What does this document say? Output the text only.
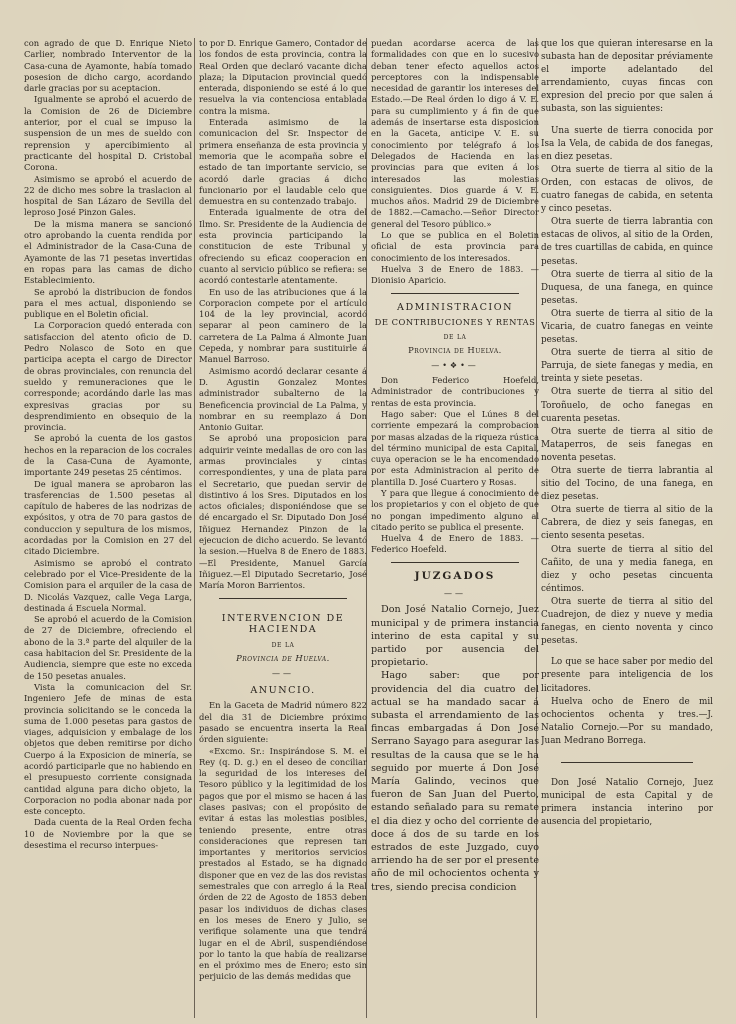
con agrado de que D. Enrique Nieto Carlier, nombrado Interventor de la Casa-cuna de Ayamonte, había tomado posesion de dicho cargo, acordando darle gracias por su aceptacion.

Igualmente se aprobó el acuerdo de la Comision de 26 de Diciembre anterior, por el cual se impuso la suspension de un mes de sueldo con reprension y apercibimiento al practicante del hospital D. Cristobal Corona.

Asimismo se aprobó el acuerdo de 22 de dicho mes sobre la traslacion al hospital de San Lázaro de Sevilla del leproso José Pinzon Gales.

De la misma manera se sancionó otro aprobando la cuenta rendida por el Administrador de la Casa-Cuna de Ayamonte de las 71 pesetas invertidas en ropas para las camas de dicho Establecimiento.

Se aprobó la distribucion de fondos para el mes actual, disponiendo se publique en el Boletin oficial.

La Corporacion quedó enterada con satisfaccion del atento oficio de D. Pedro Nolasco de Soto en que participa acepta el cargo de Director de obras provinciales, con renuncia del sueldo y remuneraciones que le corresponde; acordándo darle las mas expresivas gracias por su desprendimiento en obsequio de la provincia.

Se aprobó la cuenta de los gastos hechos en la reparacion de los cocrales de la Casa-Cuna de Ayamonte, importante 249 pesetas 25 céntimos.

De igual manera se aprobaron las trasferencias de 1.500 pesetas al capítulo de haberes de las nodrizas de expósitos, y otra de 70 para gastos de conduccion y sepultura de los mismos, acordadas por la Comision en 27 del citado Diciembre.

Asimismo se aprobó el contrato celebrado por el Vice-Presidente de la Comision para el arquiler de la casa de D. Nicolás Vazquez, calle Vega Larga, destinada á Escuela Normal.

Se aprobó el acuerdo de la Comision de 27 de Diciembre, ofreciendo el abono de la 3.ª parte del alquiler de la casa habitacion del Sr. Presidente de la Audiencia, siempre que este no exceda de 150 pesetas anuales.

Vista la comunicacion del Sr. Ingeniero Jefe de minas de esta provincia solicitando se le conceda la suma de 1.000 pesetas para gastos de viages, adquisicion y embalage de los objetos que deben remitirse por dicho Cuerpo á la Exposicion de minería, se acordó participarle que no habiendo en el presupuesto corriente consignada cantidad alguna para dicho objeto, la Corporacion no podia abonar nada por este concepto.

Dada cuenta de la Real Orden fecha 10 de Noviembre por la que se desestima el recurso interpues-

to por D. Enrique Gamero, Contador de los fondos de esta provincia, contra la Real Orden que declaró vacante dicha plaza; la Diputacion provincial quedó enterada, disponiendo se esté á lo que resuelva la via contenciosa entablada contra la misma.

Enterada asimismo de la comunicacion del Sr. Inspector de primera enseñanza de esta provincia y memoria que le acompaña sobre el estado de tan importante servicio, se acordó darle gracias á dicho funcionario por el laudable celo que demuestra en su contenzado trabajo.

Enterada igualmente de otra del Ilmo. Sr. Presidente de la Audiencia de esta provincia participando la constitucion de este Tribunal y ofreciendo su eficaz cooperacion en cuanto al servicio público se refiera: se acordó contestarle atentamente.

En uso de las atribuciones que á la Corporacion compete por el artículo 104 de la ley provincial, acordó separar al peon caminero de la carretera de La Palma á Almonte Juan Cepeda, y nombrar para sustituirle á Manuel Barroso.

Asimismo acordó declarar cesante á D. Agustin Gonzalez Montes administrador subalterno de la Beneficencia provincial de La Palma, y nombrar en su reemplazo á Don Antonio Guitar.

Se aprobó una proposicion para adquirir veinte medallas de oro con las armas provinciales y cintas correspondientes, y una de plata para el Secretario, que puedan servir de distintivo á los Sres. Diputados en los actos oficiales; disponiéndose que se dé encargado el Sr. Diputado Don José Iñiguez Hernandez Pinzon de la ejecucion de dicho acuerdo. Se levantó la sesion.—Huelva 8 de Enero de 1883.—El Presidente, Manuel García Iñiguez.—El Diputado Secretario, José María Moron Barrientos.

INTERVENCION DE HACIENDA
de la
Provincia de Huelva.
——
ANUNCIO.

En la Gaceta de Madrid número 822 del dia 31 de Diciembre próximo pasado se encuentra inserta la Real órden siguiente:

«Excmo. Sr.: Inspirándose S. M. el Rey (q. D. g.) en el deseo de conciliar la seguridad de los intereses del Tesoro público y la legitimidad de los pagos que por el mismo se hacen á las clases pasivas; con el propósito de evitar á estas las molestias posibles, teniendo presente, entre otras consideraciones que represen tan importantes y meritorios servicios prestados al Estado, se ha dignado disponer que en vez de las dos revistas semestrales que con arreglo á la Real órden de 22 de Agosto de 1853 deben pasar los individuos de dichas clases en los meses de Enero y Julio, se verifique solamente una que tendrá lugar en el de Abril, suspendiéndose por lo tanto la que había de realizarse en el próximo mes de Enero; esto sin perjuicio de las demás medidas que

puedan acordarse acerca de las formalidades con que en lo sucesivo deban tener efecto aquellos actos perceptores con la indispensable necesidad de garantir los intereses del Estado.—De Real órden lo digo á V. E. para su cumplimiento y á fin de que además de insertarse esta disposicion en la Gaceta, anticipe V. E. su conocimiento por telégrafo á los Delegados de Hacienda en las provincias para que eviten á los interesados las molestias consiguientes. Dios guarde á V. E. muchos años. Madrid 29 de Diciembre de 1882.—Camacho.—Señor Director general del Tesoro público.»

Lo que se publica en el Boletin oficial de esta provincia para conocimiento de los interesados.

Huelva 3 de Enero de 1883. —Dionisio Aparicio.

ADMINISTRACION
DE CONTRIBUCIONES Y RENTAS
de la
Provincia de Huelva.
—•❖•—

Don Federico Hoefeld, Administrador de contribuciones y rentas de esta provincia.

Hago saber: Que el Lúnes 8 del corriente empezará la comprobacion por masas alzadas de la riqueza rústica del término municipal de esta Capital, cuya operacion se le ha encomendado por esta Administracion al perito de plantilla D. José Cuartero y Rosas.

Y para que llegue á conocimiento de los propietarios y con el objeto de que no pongan impedimento alguno al citado perito se publica el presente.

Huelva 4 de Enero de 1883. — Federico Hoefeld.

JUZGADOS
——

Don José Natalio Cornejo, Juez municipal y de primera instancia interino de esta capital y su partido por ausencia del propietario.

Hago saber: que por providencia del dia cuatro del actual se ha mandado sacar á subasta el arrendamiento de las fincas embargadas á Don José Serrano Sayago para asegurar las resultas de la causa que se le ha seguido por muerte á Don José María Galindo, vecinos que fueron de San Juan del Puerto, estando señalado para su remate el dia diez y ocho del corriente de doce á dos de su tarde en los estrados de este Juzgado, cuyo arriendo ha de ser por el presente año de mil ochocientos ochenta y tres, siendo precisa condicion

que los que quieran interesarse en la subasta han de depositar préviamente el importe adelantado del arrendamiento, cuyas fincas con expresion del precio por que salen á subasta, son las siguientes:

Una suerte de tierra conocida por Isa la Vela, de cabida de dos fanegas, en diez pesetas.

Otra suerte de tierra al sitio de la Orden, con estacas de olivos, de cuatro fanegas de cabida, en setenta y cinco pesetas.

Otra suerte de tierra labrantia con estacas de olivos, al sitio de la Orden, de tres cuartillas de cabida, en quince pesetas.

Otra suerte de tierra al sitio de la Duquesa, de una fanega, en quince pesetas.

Otra suerte de tierra al sitio de la Vicaria, de cuatro fanegas en veinte pesetas.

Otra suerte de tierra al sitio de Parruja, de siete fanegas y media, en treinta y siete pesetas.

Otra suerte de tierra al sitio del Toroñuelo, de ocho fanegas en cuarenta pesetas.

Otra suerte de tierra al sitio de Mataperros, de seis fanegas en noventa pesetas.

Otra suerte de tierra labrantia al sitio del Tocino, de una fanega, en diez pesetas.

Otra suerte de tierra al sitio de la Cabrera, de diez y seis fanegas, en ciento sesenta pesetas.

Otra suerte de tierra al sitio del Cañito, de una y media fanega, en diez y ocho pesetas cincuenta céntimos.

Otra suerte de tierra al sitio del Cuadrejon, de diez y nueve y media fanegas, en ciento noventa y cinco pesetas.

Lo que se hace saber por medio del presente para inteligencia de los licitadores.

Huelva ocho de Enero de mil ochocientos ochenta y tres.—J. Natalio Cornejo.—Por su mandado, Juan Medrano Borrega.

Don José Natalio Cornejo, Juez municipal de esta Capital y de primera instancia interino por ausencia del propietario,
